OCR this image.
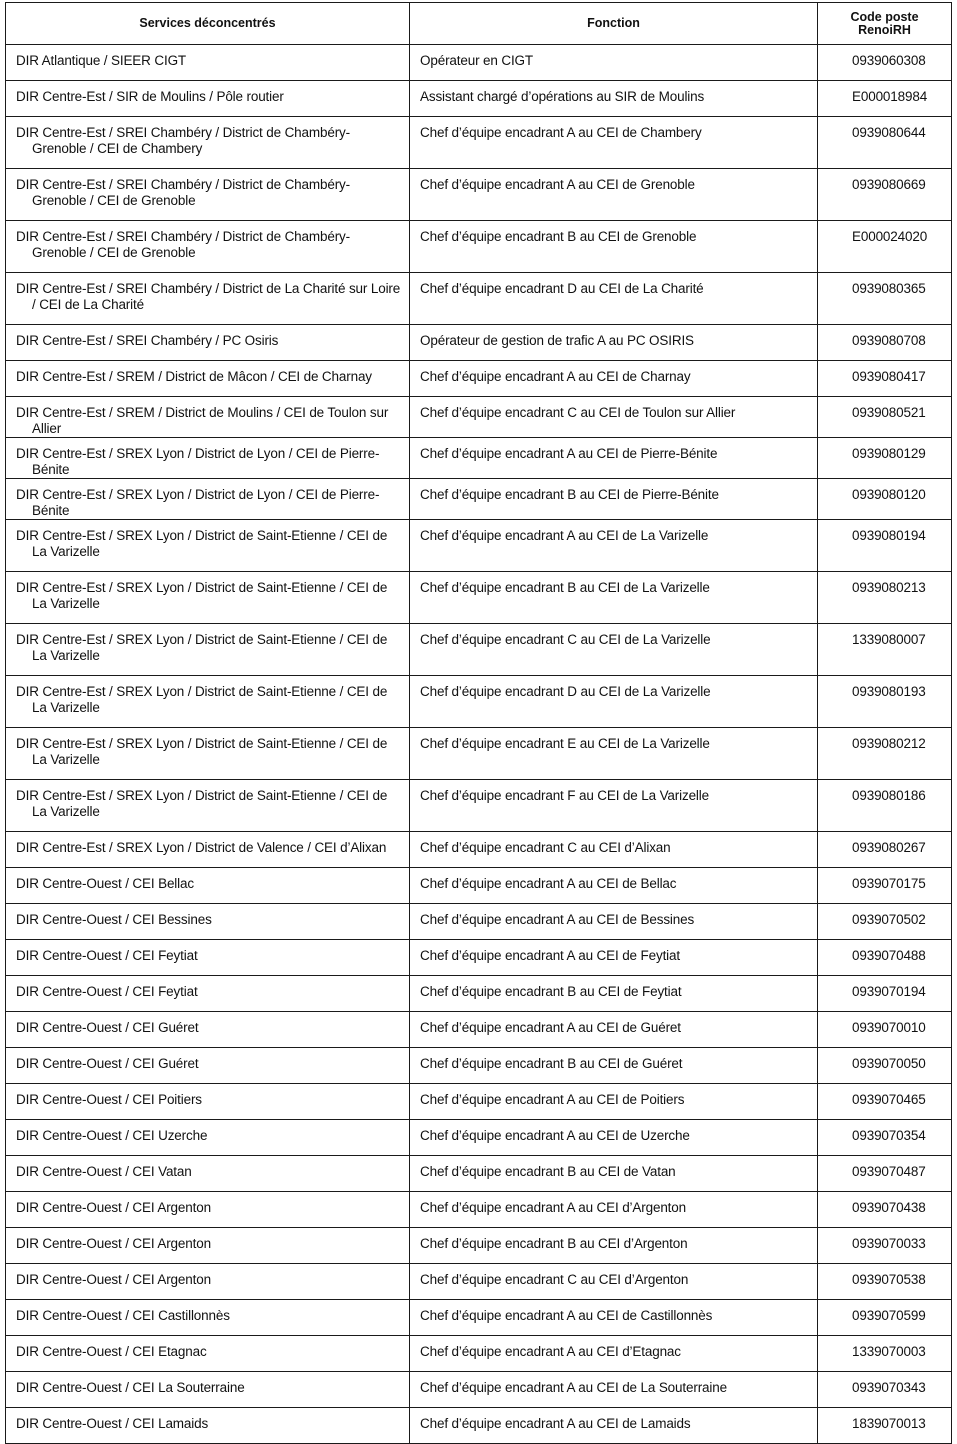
Services déconcentrés	Fonction	Code poste
RenoiRH

DIR Atlantique / SIEER CIGT	Opérateur en CIGT	0939060308

DIR Centre-Est / SIR de Moulins / Pôle routier	Assistant chargé d’opérations au SIR de Moulins	E000018984

DIR Centre-Est / SREI Chambéry / District de Chambéry-Grenoble / CEI de Chambery	Chef d’équipe encadrant A au CEI de Chambery	0939080644

DIR Centre-Est / SREI Chambéry / District de Chambéry-Grenoble / CEI de Grenoble	Chef d’équipe encadrant A au CEI de Grenoble	0939080669

DIR Centre-Est / SREI Chambéry / District de Chambéry-Grenoble / CEI de Grenoble	Chef d’équipe encadrant B au CEI de Grenoble	E000024020

DIR Centre-Est / SREI Chambéry / District de La Charité sur Loire / CEI de La Charité	Chef d’équipe encadrant D au CEI de La Charité	0939080365

DIR Centre-Est / SREI Chambéry / PC Osiris	Opérateur de gestion de trafic A au PC OSIRIS	0939080708

DIR Centre-Est / SREM / District de Mâcon / CEI de Charnay	Chef d’équipe encadrant A au CEI de Charnay	0939080417

DIR Centre-Est / SREM / District de Moulins / CEI de Toulon sur Allier	Chef d’équipe encadrant C au CEI de Toulon sur Allier	0939080521

DIR Centre-Est / SREX Lyon / District de Lyon / CEI de Pierre-Bénite	Chef d’équipe encadrant A au CEI de Pierre-Bénite	0939080129

DIR Centre-Est / SREX Lyon / District de Lyon / CEI de Pierre-Bénite	Chef d’équipe encadrant B au CEI de Pierre-Bénite	0939080120

DIR Centre-Est / SREX Lyon / District de Saint-Etienne / CEI de La Varizelle	Chef d’équipe encadrant A au CEI de La Varizelle	0939080194

DIR Centre-Est / SREX Lyon / District de Saint-Etienne / CEI de La Varizelle	Chef d’équipe encadrant B au CEI de La Varizelle	0939080213

DIR Centre-Est / SREX Lyon / District de Saint-Etienne / CEI de La Varizelle	Chef d’équipe encadrant C au CEI de La Varizelle	1339080007

DIR Centre-Est / SREX Lyon / District de Saint-Etienne / CEI de La Varizelle	Chef d’équipe encadrant D au CEI de La Varizelle	0939080193

DIR Centre-Est / SREX Lyon / District de Saint-Etienne / CEI de La Varizelle	Chef d’équipe encadrant E au CEI de La Varizelle	0939080212

DIR Centre-Est / SREX Lyon / District de Saint-Etienne / CEI de La Varizelle	Chef d’équipe encadrant F au CEI de La Varizelle	0939080186

DIR Centre-Est / SREX Lyon / District de Valence / CEI d’Alixan	Chef d’équipe encadrant C au CEI d’Alixan	0939080267

DIR Centre-Ouest / CEI Bellac	Chef d’équipe encadrant A au CEI de Bellac	0939070175

DIR Centre-Ouest / CEI Bessines	Chef d’équipe encadrant A au CEI de Bessines	0939070502

DIR Centre-Ouest / CEI Feytiat	Chef d’équipe encadrant A au CEI de Feytiat	0939070488

DIR Centre-Ouest / CEI Feytiat	Chef d’équipe encadrant B au CEI de Feytiat	0939070194

DIR Centre-Ouest / CEI Guéret	Chef d’équipe encadrant A au CEI de Guéret	0939070010

DIR Centre-Ouest / CEI Guéret	Chef d’équipe encadrant B au CEI de Guéret	0939070050

DIR Centre-Ouest / CEI Poitiers	Chef d’équipe encadrant A au CEI de Poitiers	0939070465

DIR Centre-Ouest / CEI Uzerche	Chef d’équipe encadrant A au CEI de Uzerche	0939070354

DIR Centre-Ouest / CEI Vatan	Chef d’équipe encadrant B au CEI de Vatan	0939070487

DIR Centre-Ouest / CEI Argenton	Chef d’équipe encadrant A au CEI d’Argenton	0939070438

DIR Centre-Ouest / CEI Argenton	Chef d’équipe encadrant B au CEI d’Argenton	0939070033

DIR Centre-Ouest / CEI Argenton	Chef d’équipe encadrant C au CEI d’Argenton	0939070538

DIR Centre-Ouest / CEI Castillonnès	Chef d’équipe encadrant A au CEI de Castillonnès	0939070599

DIR Centre-Ouest / CEI Etagnac	Chef d’équipe encadrant A au CEI d’Etagnac	1339070003

DIR Centre-Ouest / CEI La Souterraine	Chef d’équipe encadrant A au CEI de La Souterraine	0939070343

DIR Centre-Ouest / CEI Lamaids	Chef d’équipe encadrant A au CEI de Lamaids	1839070013
